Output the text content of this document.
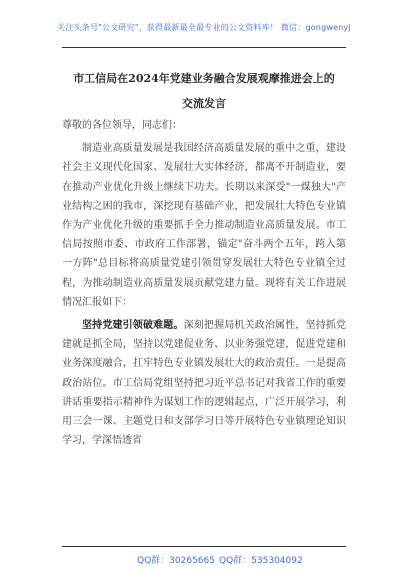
关注头条号"公文研究"，获得最新最全最专业的公文资料库！ 微信：gongwenyj
市工信局在2024年党建业务融合发展观摩推进会上的交流发言

尊敬的各位领导，同志们：

制造业高质量发展是我国经济高质量发展的重中之重，建设社会主义现代化国家、发展壮大实体经济，都离不开制造业，要在推动产业优化升级上继续下功夫。长期以来深受"一煤独大"产业结构之困的我市，深挖现有基础产业，把发展壮大特色专业镇作为产业优化升级的重要抓手全力推动制造业高质量发展。市工信局按照市委、市政府工作部署，锚定"奋斗两个五年，跨入第一方阵"总目标将高质量党建引领贯穿发展壮大特色专业镇全过程，为推动制造业高质量发展贡献党建力量。现将有关工作进展情况汇报如下：

坚持党建引领破难题。深刻把握局机关政治属性，坚持抓党建就是抓全局，坚持以党建促业务、以业务强党建，促进党建和业务深度融合，扛牢特色专业镇发展壮大的政治责任。一是提高政治站位。市工信局党组坚持把习近平总书记对我省工作的重要讲话重要指示精神作为谋划工作的逻辑起点，广泛开展学习，利用三会一课、主题党日和支部学习日等开展特色专业镇理论知识学习，学深悟透省

QQ群：30265665 QQ群：535304092
